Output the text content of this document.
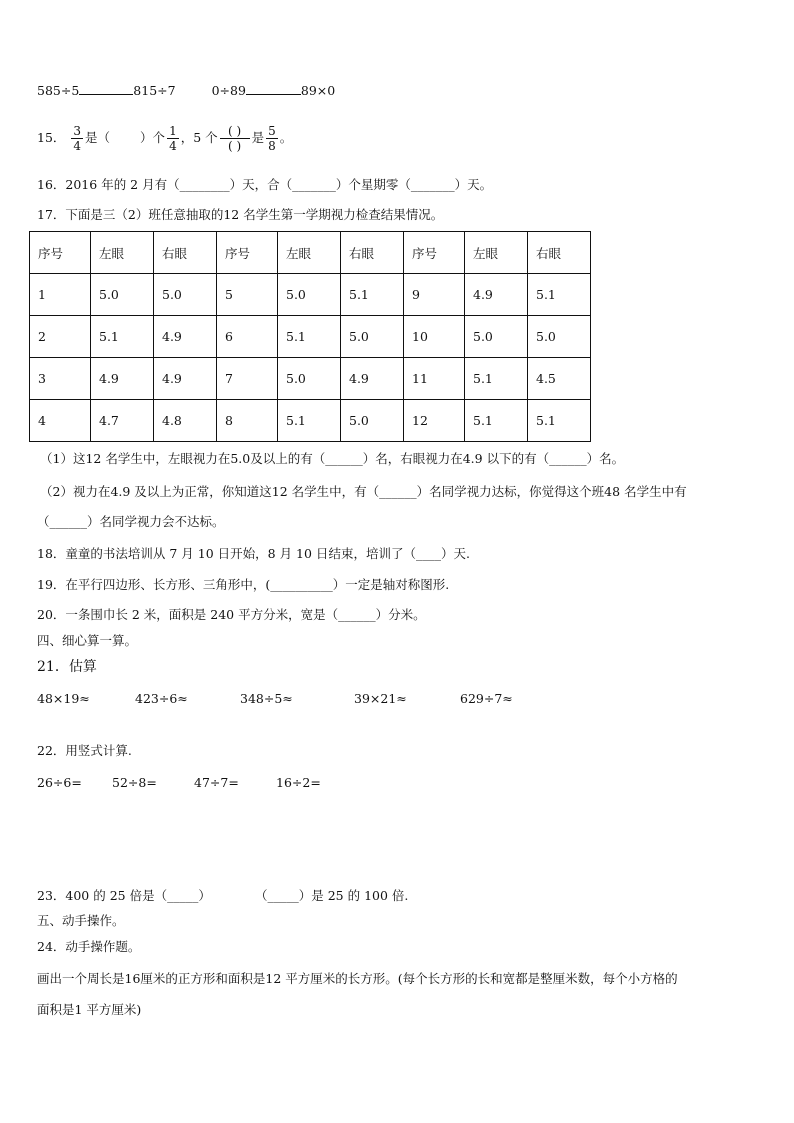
585÷5	815÷7	0÷89	89×0
15． $\frac{3}{4}$ 是（ ）个 $\frac{1}{4}$ ，5 个 $\frac{( )}{( )}$ 是 $\frac{5}{8}$ 。
16．2016 年的 2 月有（________）天，合（_______）个星期零（_______）天。
17．下面是三（2）班任意抽取的12 名学生第一学期视力检查结果情况。
序号	左眼	右眼	序号	左眼	右眼	序号	左眼	右眼
1	5.0	5.0	5	5.0	5.1	9	4.9	5.1
2	5.1	4.9	6	5.1	5.0	10	5.0	5.0
3	4.9	4.9	7	5.0	4.9	11	5.1	4.5
4	4.7	4.8	8	5.1	5.0	12	5.1	5.1
（1）这12 名学生中，左眼视力在5.0及以上的有（______）名，右眼视力在4.9 以下的有（______）名。
（2）视力在4.9 及以上为正常，你知道这12 名学生中，有（______）名同学视力达标，你觉得这个班48 名学生中有
（______）名同学视力会不达标。
18．童童的书法培训从 7 月 10 日开始，8 月 10 日结束，培训了（____）天.
19．在平行四边形、长方形、三角形中，(__________）一定是轴对称图形.
20．一条围巾长 2 米，面积是 240 平方分米，宽是（______）分米。
四、细心算一算。
21．估算
48×19≈	423÷6≈	348÷5≈	39×21≈	629÷7≈
22．用竖式计算.
26÷6= 52÷8=	47÷7=	16÷2=
23．400 的 25 倍是（_____）	（_____）是 25 的 100 倍.
五、动手操作。
24．动手操作题。
画出一个周长是16厘米的正方形和面积是12 平方厘米的长方形。(每个长方形的长和宽都是整厘米数，每个小方格的
面积是1 平方厘米)
